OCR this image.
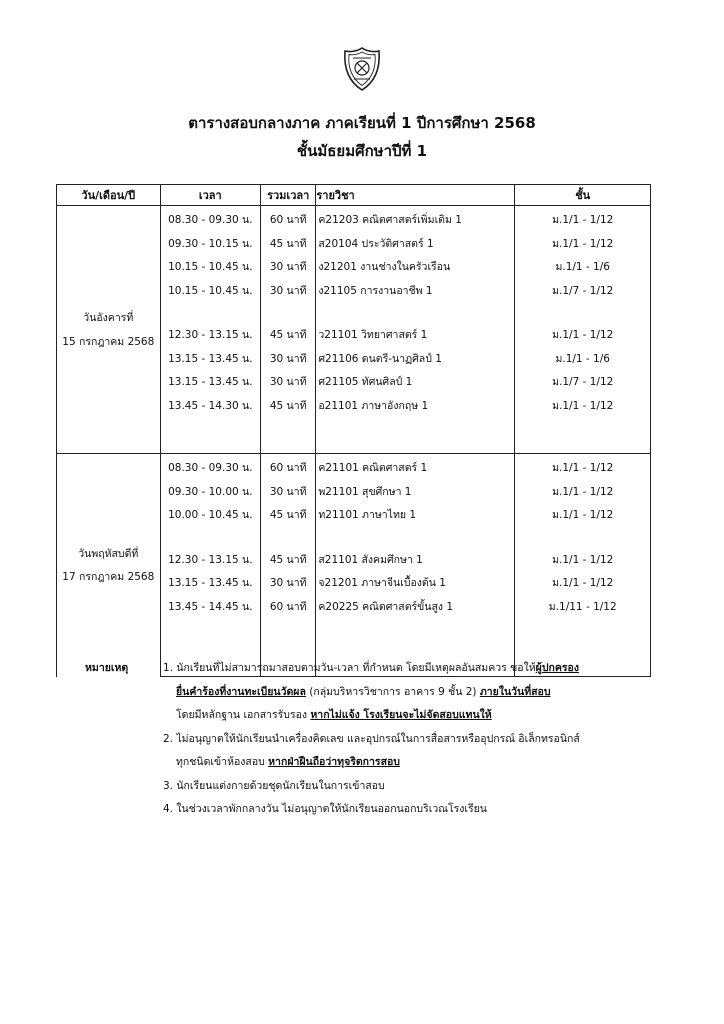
ตารางสอบกลางภาค ภาคเรียนที่ 1 ปีการศึกษา 2568
ชั้นมัธยมศึกษาปีที่ 1
วัน/เดือน/ปี	เวลา	รวมเวลา	รายวิชา	ชั้น

วันอังคารที่
15 กรกฎาคม 2568	08.30 - 09.30 น.	60 นาที	ค21203 คณิตศาสตร์เพิ่มเติม 1	ม.1/1 - 1/12
	09.30 - 10.15 น.	45 นาที	ส20104 ประวัติศาสตร์ 1	ม.1/1 - 1/12
	10.15 - 10.45 น.	30 นาที	ง21201 งานช่างในครัวเรือน	ม.1/1 - 1/6
	10.15 - 10.45 น.	30 นาที	ง21105 การงานอาชีพ 1	ม.1/7 - 1/12

	12.30 - 13.15 น.	45 นาที	ว21101 วิทยาศาสตร์ 1	ม.1/1 - 1/12
	13.15 - 13.45 น.	30 นาที	ศ21106 ดนตรี-นาฏศิลป์ 1	ม.1/1 - 1/6
	13.15 - 13.45 น.	30 นาที	ศ21105 ทัศนศิลป์ 1	ม.1/7 - 1/12
	13.45 - 14.30 น.	45 นาที	อ21101 ภาษาอังกฤษ 1	ม.1/1 - 1/12

วันพฤหัสบดีที่
17 กรกฎาคม 2568	08.30 - 09.30 น.	60 นาที	ค21101 คณิตศาสตร์ 1	ม.1/1 - 1/12
	09.30 - 10.00 น.	30 นาที	พ21101 สุขศึกษา 1	ม.1/1 - 1/12
	10.00 - 10.45 น.	45 นาที	ท21101 ภาษาไทย 1	ม.1/1 - 1/12

	12.30 - 13.15 น.	45 นาที	ส21101 สังคมศึกษา 1	ม.1/1 - 1/12
	13.15 - 13.45 น.	30 นาที	จ21201 ภาษาจีนเบื้องต้น 1	ม.1/1 - 1/12
	13.45 - 14.45 น.	60 นาที	ค20225 คณิตศาสตร์ขั้นสูง 1	ม.1/11 - 1/12

หมายเหตุ	1. นักเรียนที่ไม่สามารถมาสอบตามวัน-เวลา ที่กำหนด โดยมีเหตุผลอันสมควร ขอให้ผู้ปกครอง
ยื่นคำร้องที่งานทะเบียนวัดผล (กลุ่มบริหารวิชาการ อาคาร 9 ชั้น 2) ภายในวันที่สอบ
โดยมีหลักฐาน เอกสารรับรอง หากไม่แจ้ง โรงเรียนจะไม่จัดสอบแทนให้
2. ไม่อนุญาตให้นักเรียนนำเครื่องคิดเลข และอุปกรณ์ในการสื่อสารหรืออุปกรณ์ อิเล็กทรอนิกส์
ทุกชนิดเข้าห้องสอบ หากฝ่าฝืนถือว่าทุจริตการสอบ
3. นักเรียนแต่งกายด้วยชุดนักเรียนในการเข้าสอบ
4. ในช่วงเวลาพักกลางวัน ไม่อนุญาตให้นักเรียนออกนอกบริเวณโรงเรียน
